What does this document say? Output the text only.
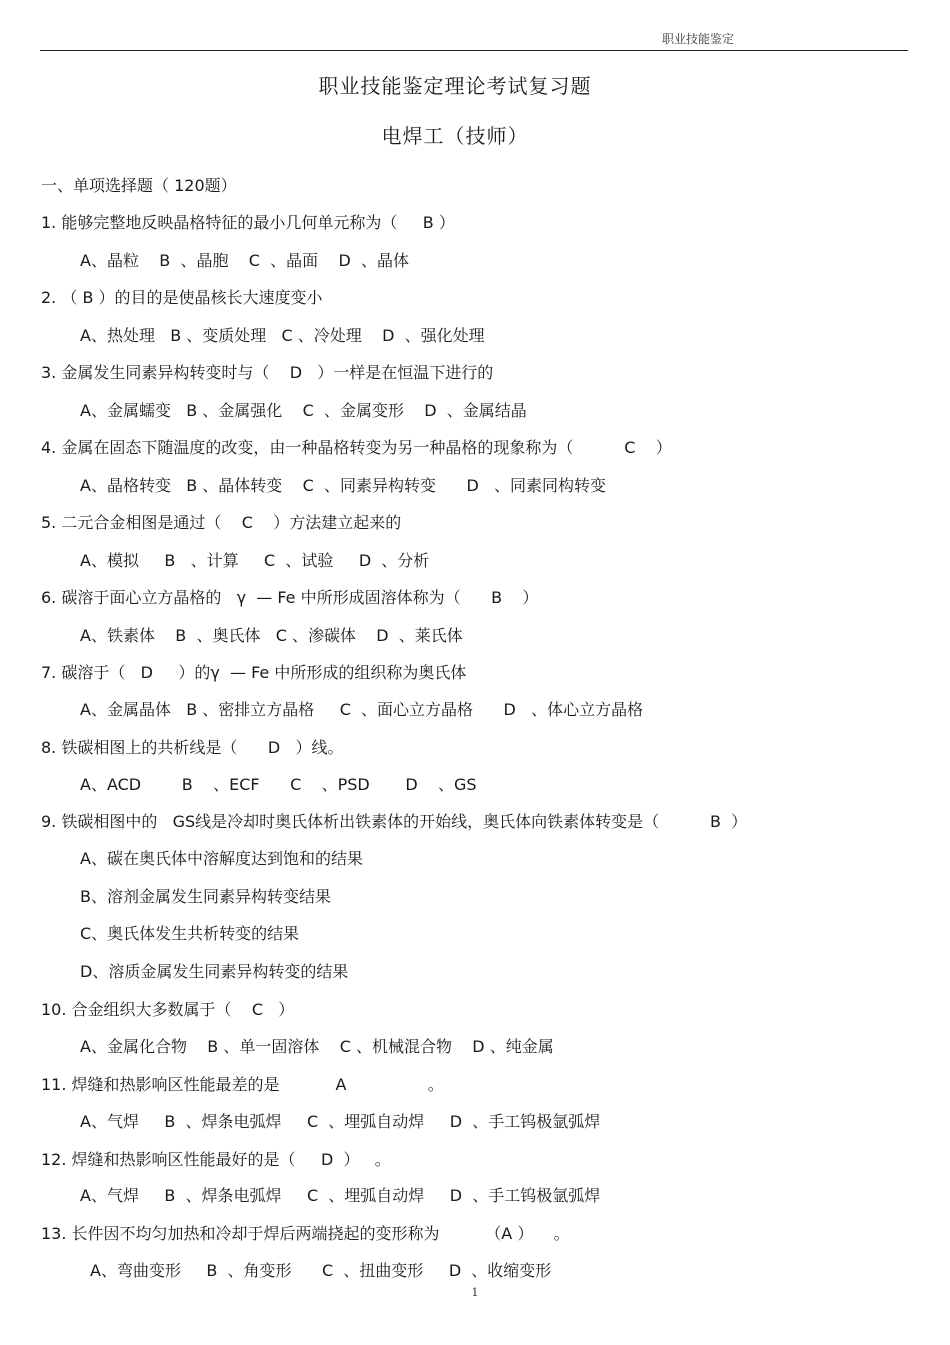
职业技能鉴定
职业技能鉴定理论考试复习题
电焊工（技师）
一、单项选择题（ 120题）
1. 能够完整地反映晶格特征的最小几何单元称为（     B ）
A、晶粒    B  、晶胞    C  、晶面    D  、晶体
2. （ B ）的目的是使晶核长大速度变小
A、热处理   B 、变质处理   C 、冷处理    D  、强化处理
3. 金属发生同素异构转变时与（    D   ）一样是在恒温下进行的
A、金属蠕变   B 、金属强化    C  、金属变形    D  、金属结晶
4. 金属在固态下随温度的改变，由一种晶格转变为另一种晶格的现象称为（          C    ）
A、晶格转变   B 、晶体转变    C  、同素异构转变      D   、同素同构转变
5. 二元合金相图是通过（    C    ）方法建立起来的
A、模拟     B   、计算     C  、试验     D  、分析
6. 碳溶于面心立方晶格的   γ  — Fe 中所形成固溶体称为（      B    ）
A、铁素体    B  、奥氏体   C 、渗碳体    D  、莱氏体
7. 碳溶于（   D     ）的γ  — Fe 中所形成的组织称为奥氏体
A、金属晶体   B 、密排立方晶格     C  、面心立方晶格      D   、体心立方晶格
8. 铁碳相图上的共析线是（      D   ）线。
A、ACD        B    、ECF      C    、PSD       D    、GS
9. 铁碳相图中的   GS线是冷却时奥氏体析出铁素体的开始线，奥氏体向铁素体转变是（          B  ）
A、碳在奥氏体中溶解度达到饱和的结果
B、溶剂金属发生同素异构转变结果
C、奥氏体发生共析转变的结果
D、溶质金属发生同素异构转变的结果
10. 合金组织大多数属于（    C   ）
A、金属化合物    B 、单一固溶体    C 、机械混合物    D 、纯金属
11. 焊缝和热影响区性能最差的是           A                。
A、气焊     B  、焊条电弧焊     C  、埋弧自动焊     D  、手工钨极氩弧焊
12. 焊缝和热影响区性能最好的是（     D  ）   。
A、气焊     B  、焊条电弧焊     C  、埋弧自动焊     D  、手工钨极氩弧焊
13. 长件因不均匀加热和冷却于焊后两端挠起的变形称为         （A ）    。
A、弯曲变形     B  、角变形      C  、扭曲变形     D  、收缩变形
1
